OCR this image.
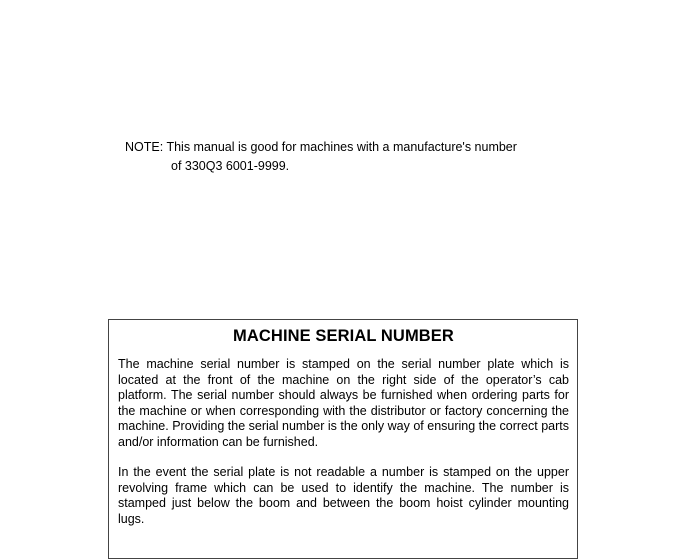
NOTE: This manual is good for machines with a manufacture's number
of 330Q3 6001-9999.
MACHINE SERIAL NUMBER

The machine serial number is stamped on the serial number plate which is located at the front of the machine on the right side of the operator’s cab platform. The serial number should always be furnished when ordering parts for the machine or when corresponding with the distributor or factory concerning the machine. Providing the serial number is the only way of ensuring the correct parts and/or information can be furnished.

In the event the serial plate is not readable a number is stamped on the upper revolving frame which can be used to identify the machine. The number is stamped just below the boom and between the boom hoist cylinder mounting lugs.
